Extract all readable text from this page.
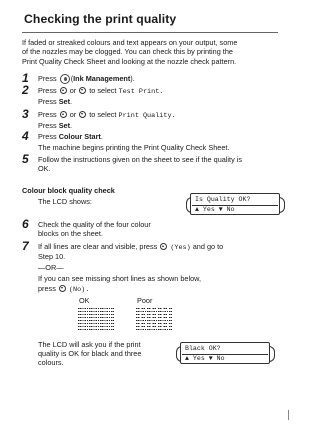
Checking the print quality

If faded or streaked colours and text appears on your output, some
of the nozzles may be clogged. You can check this by printing the
Print Quality Check Sheet and looking at the nozzle check pattern.

1 Press (Ink Management).
2 Press or to select Test Print.
Press Set.
3 Press or to select Print Quality.
Press Set.
4 Press Colour Start.
The machine begins printing the Print Quality Check Sheet.
5 Follow the instructions given on the sheet to see if the quality is
OK.
Colour block quality check
The LCD shows:	Is Quality OK?
▲ Yes ▼ No
6 Check the quality of the four colour
blocks on the sheet.
7 If all lines are clear and visible, press (Yes) and go to
Step 10.
—OR—
If you can see missing short lines as shown below,
press (No).
OK	Poor
The LCD will ask you if the print
quality is OK for black and three
colours.
Black OK?
▲ Yes ▼ No
